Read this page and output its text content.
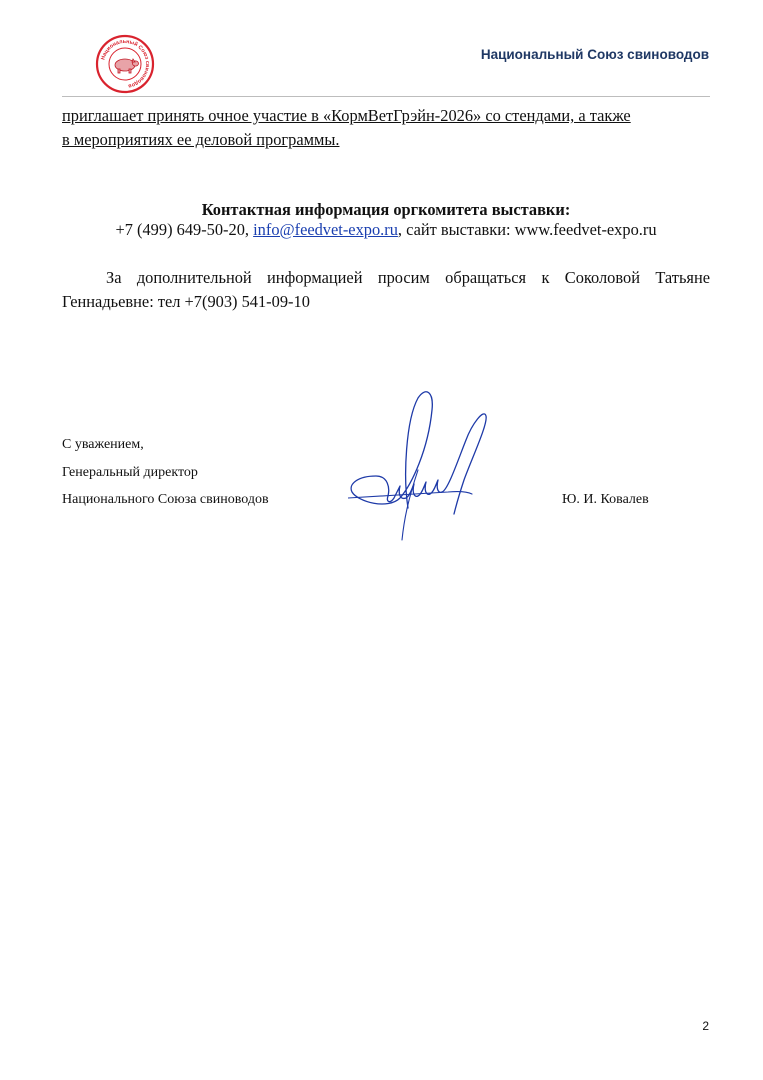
Национальный Союз свиноводов
Национальный Союз свиноводов
приглашает принять очное участие в «КормВетГрэйн-2026» со стендами, а также
в мероприятиях ее деловой программы.
Контактная информация оргкомитета выставки:
+7 (499) 649-50-20, info@feedvet-expo.ru, сайт выставки: www.feedvet-expo.ru
За дополнительной информацией просим обращаться к Соколовой Татьяне
Геннадьевне: тел +7(903) 541-09-10
С уважением,
Генеральный директор
Национального Союза свиноводов	Ю. И. Ковалев
2
